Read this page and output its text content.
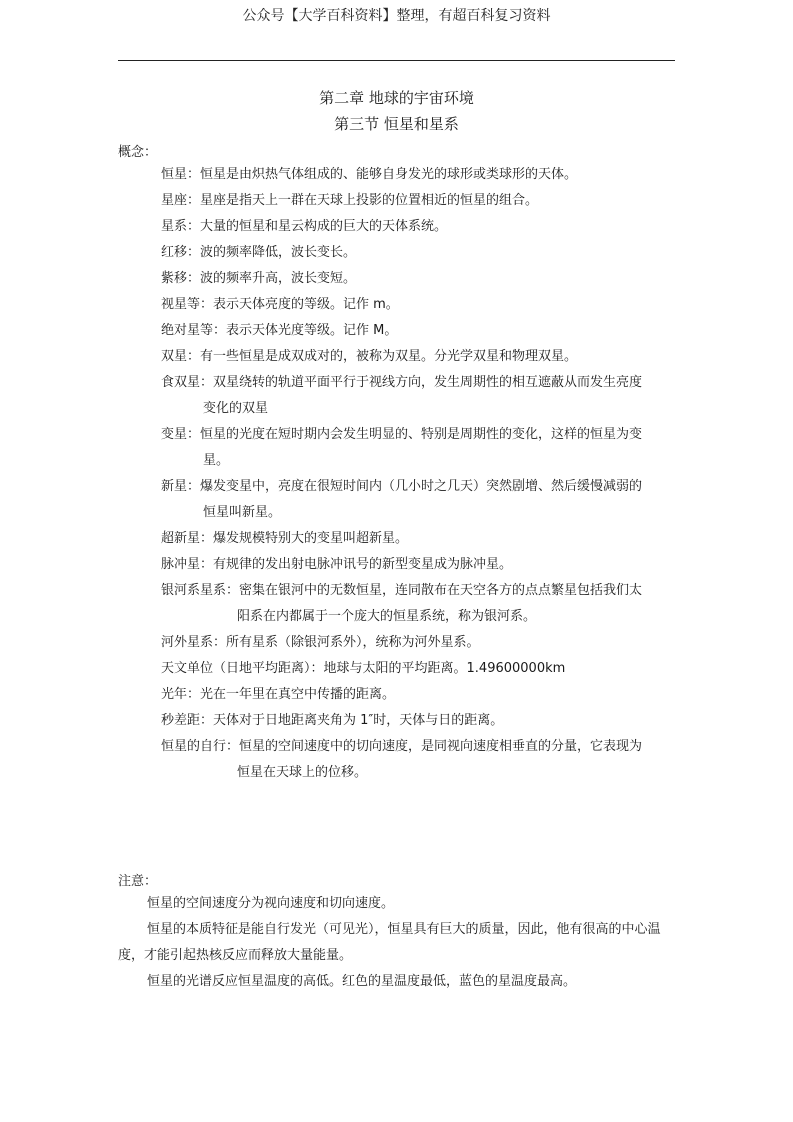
公众号【大学百科资料】整理，有超百科复习资料
第二章 地球的宇宙环境
第三节 恒星和星系
概念：
恒星：恒星是由炽热气体组成的、能够自身发光的球形或类球形的天体。
星座：星座是指天上一群在天球上投影的位置相近的恒星的组合。
星系：大量的恒星和星云构成的巨大的天体系统。
红移：波的频率降低，波长变长。
紫移：波的频率升高，波长变短。
视星等：表示天体亮度的等级。记作 m。
绝对星等：表示天体光度等级。记作 M。
双星：有一些恒星是成双成对的，被称为双星。分光学双星和物理双星。
食双星：双星绕转的轨道平面平行于视线方向，发生周期性的相互遮蔽从而发生亮度
变化的双星
变星：恒星的光度在短时期内会发生明显的、特别是周期性的变化，这样的恒星为变
星。
新星：爆发变星中，亮度在很短时间内（几小时之几天）突然剧增、然后缓慢减弱的
恒星叫新星。
超新星：爆发规模特别大的变星叫超新星。
脉冲星：有规律的发出射电脉冲讯号的新型变星成为脉冲星。
银河系星系：密集在银河中的无数恒星，连同散布在天空各方的点点繁星包括我们太
阳系在内都属于一个庞大的恒星系统，称为银河系。
河外星系：所有星系（除银河系外），统称为河外星系。
天文单位（日地平均距离）：地球与太阳的平均距离。1.49600000km
光年：光在一年里在真空中传播的距离。
秒差距：天体对于日地距离夹角为 1″时，天体与日的距离。
恒星的自行：恒星的空间速度中的切向速度，是同视向速度相垂直的分量，它表现为
恒星在天球上的位移。
注意：
恒星的空间速度分为视向速度和切向速度。
恒星的本质特征是能自行发光（可见光），恒星具有巨大的质量，因此，他有很高的中心温度，才能引起热核反应而释放大量能量。
恒星的光谱反应恒星温度的高低。红色的星温度最低，蓝色的星温度最高。
